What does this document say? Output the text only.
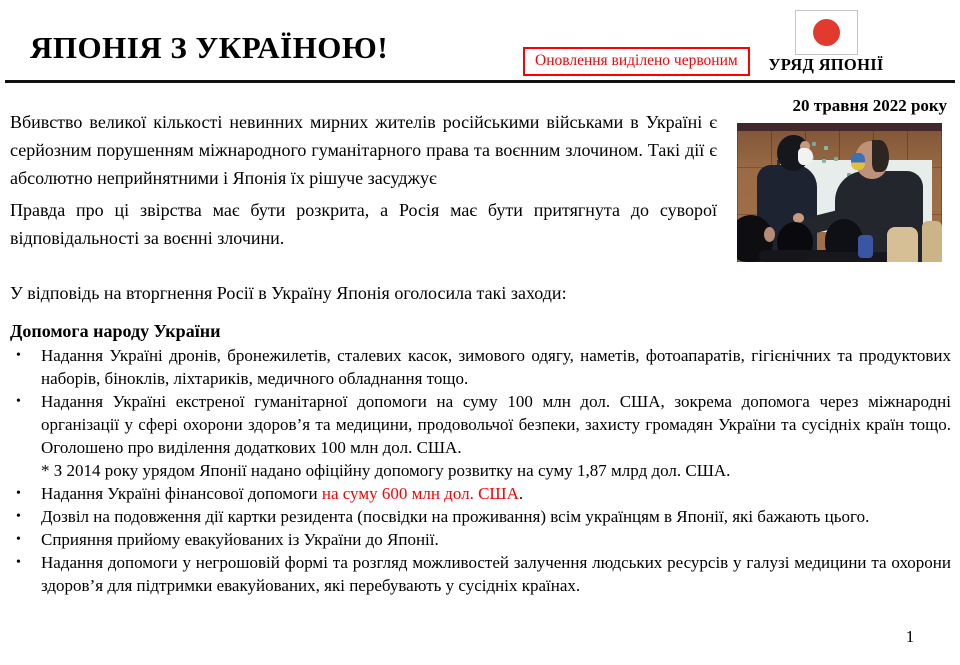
ЯПОНІЯ З УКРАЇНОЮ!	Оновлення виділено червоним	УРЯД ЯПОНІЇ
20 травня 2022 року
Вбивство великої кількості невинних мирних жителів російськими військами в Україні є серйозним порушенням міжнародного гуманітарного права та воєнним злочином. Такі дії є абсолютно неприйнятними і Японія їх рішуче засуджує
Правда про ці звірства має бути розкрита, а Росія має бути притягнута до суворої відповідальності за воєнні злочини.
У відповідь на вторгнення Росії в Україну Японія оголосила такі заходи:
Допомога народу України
• Надання Україні дронів, бронежилетів, сталевих касок, зимового одягу, наметів, фотоапаратів, гігієнічних та продуктових наборів, біноклів, ліхтариків, медичного обладнання тощо.
• Надання Україні екстреної гуманітарної допомоги на суму 100 млн дол. США, зокрема допомога через міжнародні організації у сфері охорони здоров’я та медицини, продовольчої безпеки, захисту громадян України та сусідніх країн тощо. Оголошено про виділення додаткових 100 млн дол. США.
* З 2014 року урядом Японії надано офіційну допомогу розвитку на суму 1,87 млрд дол. США.
• Надання Україні фінансової допомоги на суму 600 млн дол. США.
• Дозвіл на подовження дії картки резидента (посвідки на проживання) всім українцям в Японії, які бажають цього.
• Сприяння прийому евакуйованих із України до Японії.
• Надання допомоги у негрошовій формі та розгляд можливостей залучення людських ресурсів у галузі медицини та охорони здоров’я для підтримки евакуйованих, які перебувають у сусідніх країнах.
1
